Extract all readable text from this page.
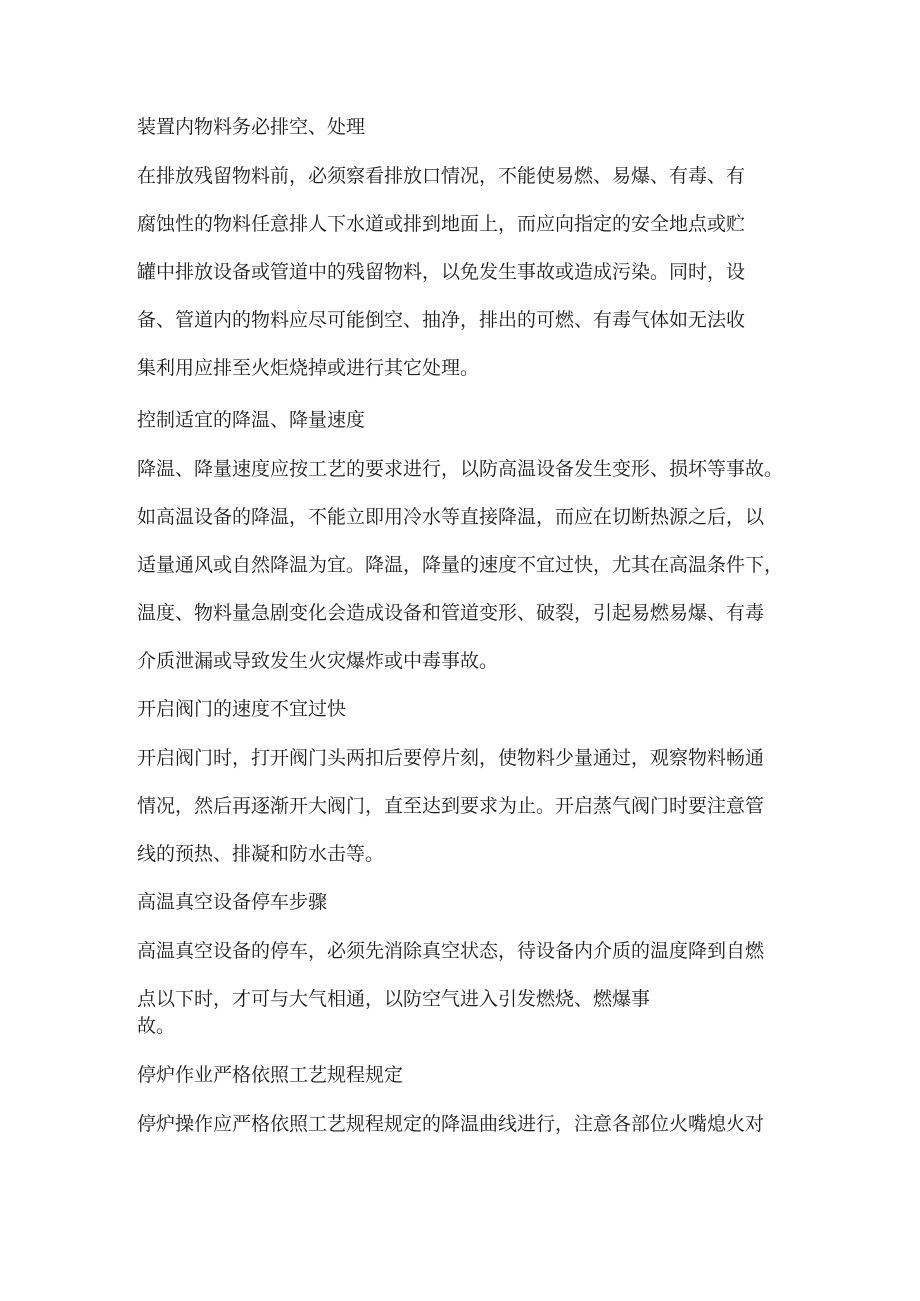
装置内物料务必排空、处理
在排放残留物料前，必须察看排放口情况，不能使易燃、易爆、有毒、有
腐蚀性的物料任意排人下水道或排到地面上，而应向指定的安全地点或贮
罐中排放设备或管道中的残留物料，以免发生事故或造成污染。同时，设
备、管道内的物料应尽可能倒空、抽净，排出的可燃、有毒气体如无法收
集利用应排至火炬烧掉或进行其它处理。
控制适宜的降温、降量速度
降温、降量速度应按工艺的要求进行，以防高温设备发生变形、损坏等事故。
如高温设备的降温，不能立即用冷水等直接降温，而应在切断热源之后，以
适量通风或自然降温为宜。降温，降量的速度不宜过快，尤其在高温条件下，
温度、物料量急剧变化会造成设备和管道变形、破裂，引起易燃易爆、有毒
介质泄漏或导致发生火灾爆炸或中毒事故。
开启阀门的速度不宜过快
开启阀门时，打开阀门头两扣后要停片刻，使物料少量通过，观察物料畅通
情况，然后再逐渐开大阀门，直至达到要求为止。开启蒸气阀门时要注意管
线的预热、排凝和防水击等。
高温真空设备停车步骤
高温真空设备的停车，必须先消除真空状态，待设备内介质的温度降到自燃
点以下时，才可与大气相通，以防空气进入引发燃烧、燃爆事
故。
停炉作业严格依照工艺规程规定
停炉操作应严格依照工艺规程规定的降温曲线进行，注意各部位火嘴熄火对
